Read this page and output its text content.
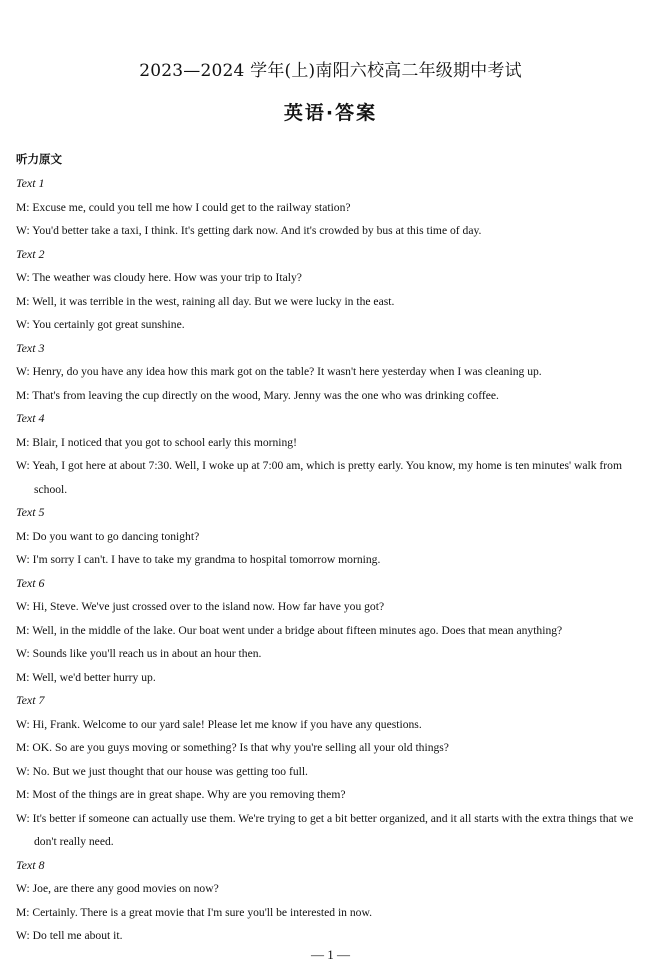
2023—2024 学年(上)南阳六校高二年级期中考试
英语·答案
听力原文
Text 1
M: Excuse me, could you tell me how I could get to the railway station?
W: You'd better take a taxi, I think. It's getting dark now. And it's crowded by bus at this time of day.
Text 2
W: The weather was cloudy here. How was your trip to Italy?
M: Well, it was terrible in the west, raining all day. But we were lucky in the east.
W: You certainly got great sunshine.
Text 3
W: Henry, do you have any idea how this mark got on the table? It wasn't here yesterday when I was cleaning up.
M: That's from leaving the cup directly on the wood, Mary. Jenny was the one who was drinking coffee.
Text 4
M: Blair, I noticed that you got to school early this morning!
W: Yeah, I got here at about 7:30. Well, I woke up at 7:00 am, which is pretty early. You know, my home is ten minutes' walk from school.
Text 5
M: Do you want to go dancing tonight?
W: I'm sorry I can't. I have to take my grandma to hospital tomorrow morning.
Text 6
W: Hi, Steve. We've just crossed over to the island now. How far have you got?
M: Well, in the middle of the lake. Our boat went under a bridge about fifteen minutes ago. Does that mean anything?
W: Sounds like you'll reach us in about an hour then.
M: Well, we'd better hurry up.
Text 7
W: Hi, Frank. Welcome to our yard sale! Please let me know if you have any questions.
M: OK. So are you guys moving or something? Is that why you're selling all your old things?
W: No. But we just thought that our house was getting too full.
M: Most of the things are in great shape. Why are you removing them?
W: It's better if someone can actually use them. We're trying to get a bit better organized, and it all starts with the extra things that we don't really need.
Text 8
W: Joe, are there any good movies on now?
M: Certainly. There is a great movie that I'm sure you'll be interested in now.
W: Do tell me about it.
— 1 —
